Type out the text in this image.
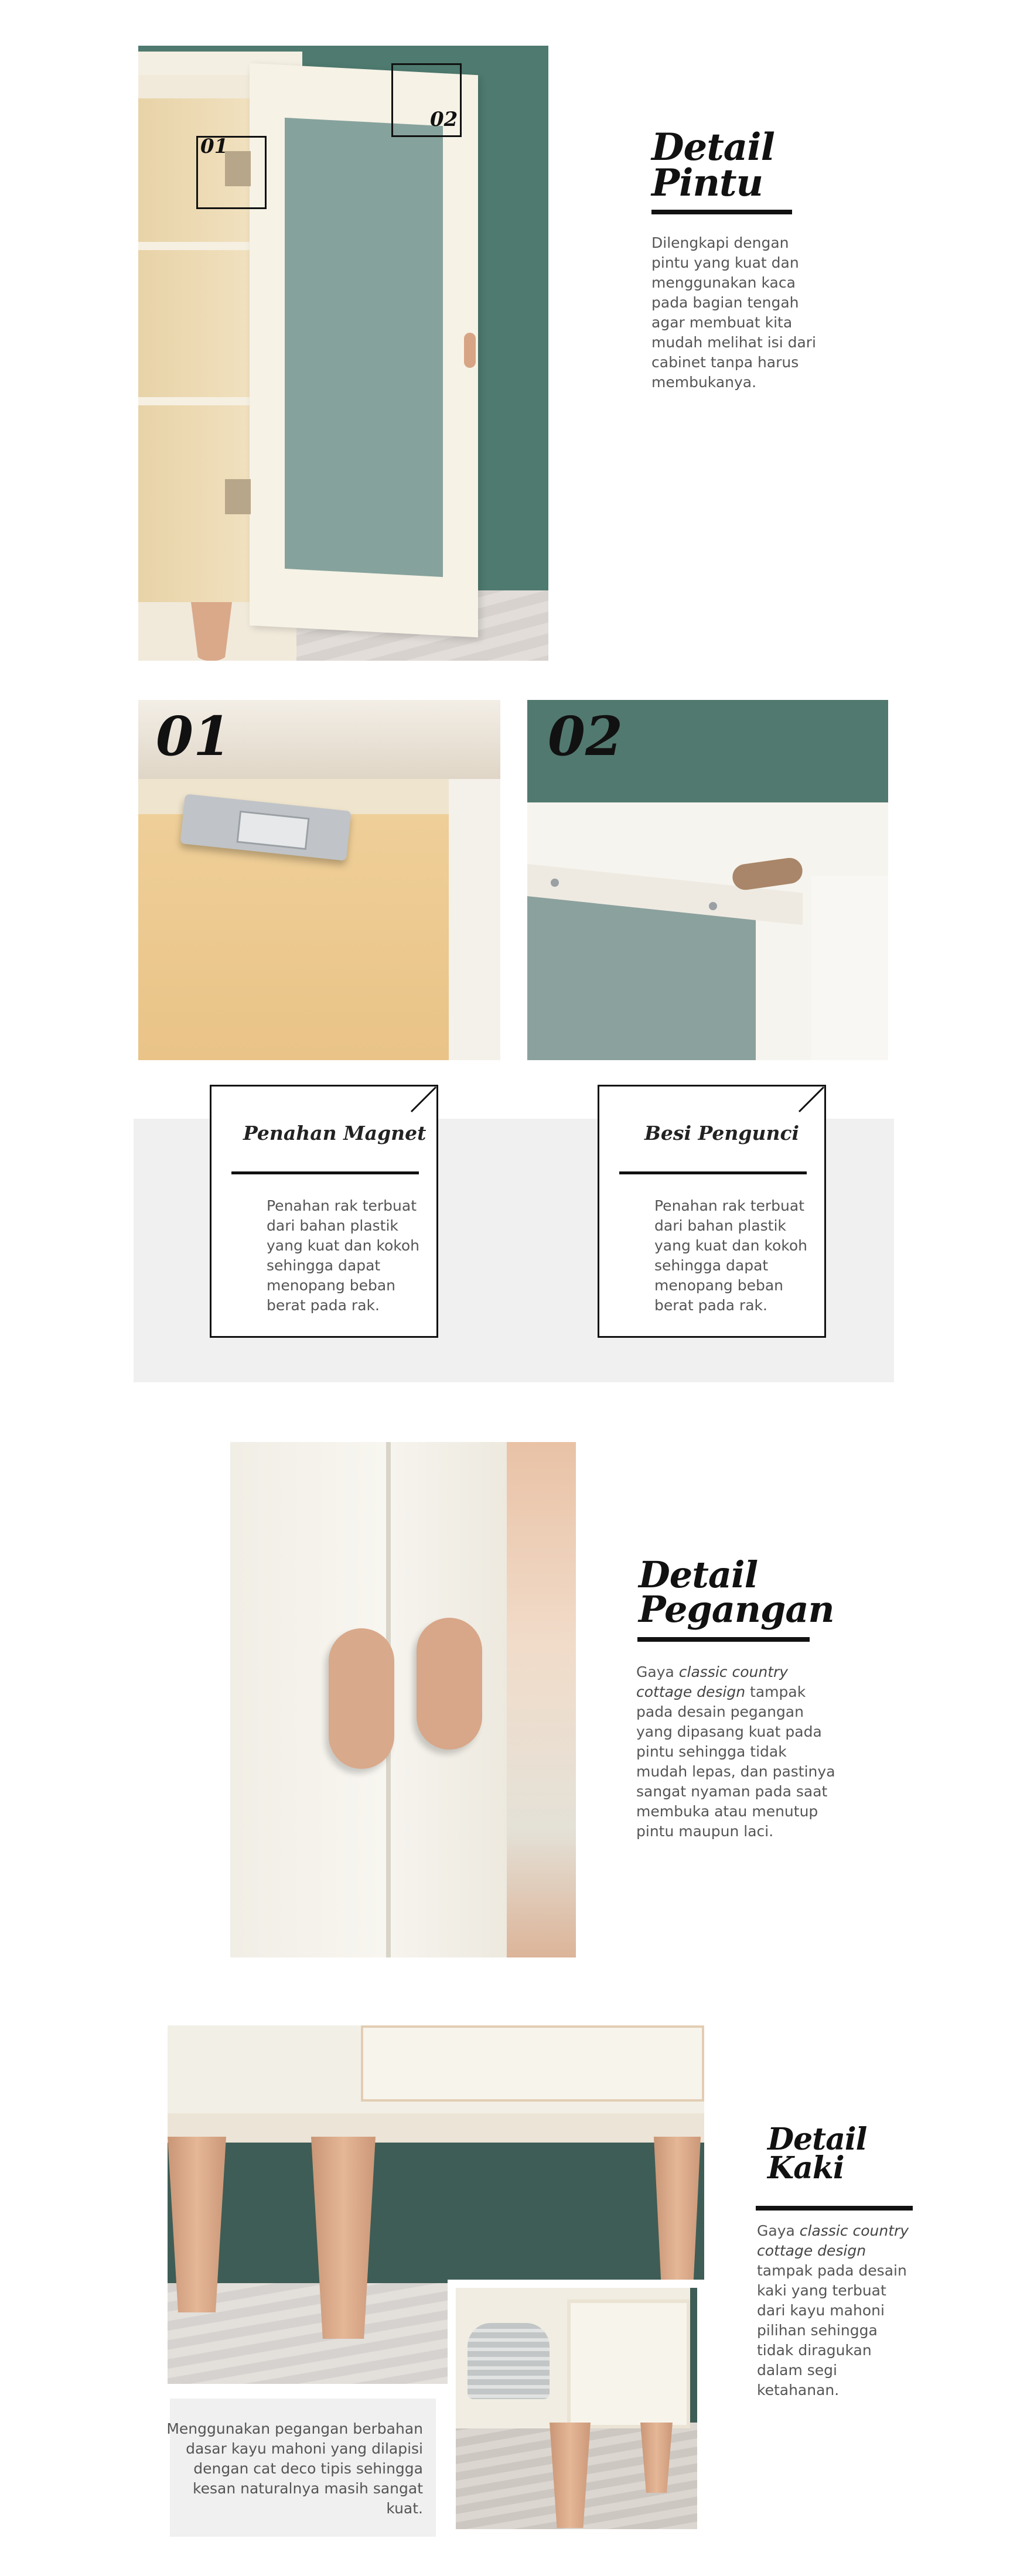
01
02
Detail
Pintu
Dilengkapi dengan
pintu yang kuat dan
menggunakan kaca
pada bagian tengah
agar membuat kita
mudah melihat isi dari
cabinet tanpa harus
membukanya.
01	02
Penahan Magnet
Penahan rak terbuat
dari bahan plastik
yang kuat dan kokoh
sehingga dapat
menopang beban
berat pada rak.
Besi Pengunci
Penahan rak terbuat
dari bahan plastik
yang kuat dan kokoh
sehingga dapat
menopang beban
berat pada rak.
Detail
Pegangan
Gaya classic country
cottage design tampak
pada desain pegangan
yang dipasang kuat pada
pintu sehingga tidak
mudah lepas, dan pastinya
sangat nyaman pada saat
membuka atau menutup
pintu maupun laci.
Menggunakan pegangan berbahan
dasar kayu mahoni yang dilapisi
dengan cat deco tipis sehingga
kesan naturalnya masih sangat
kuat.
Detail
Kaki
Gaya classic country
cottage design
tampak pada desain
kaki yang terbuat
dari kayu mahoni
pilihan sehingga
tidak diragukan
dalam segi
ketahanan.
